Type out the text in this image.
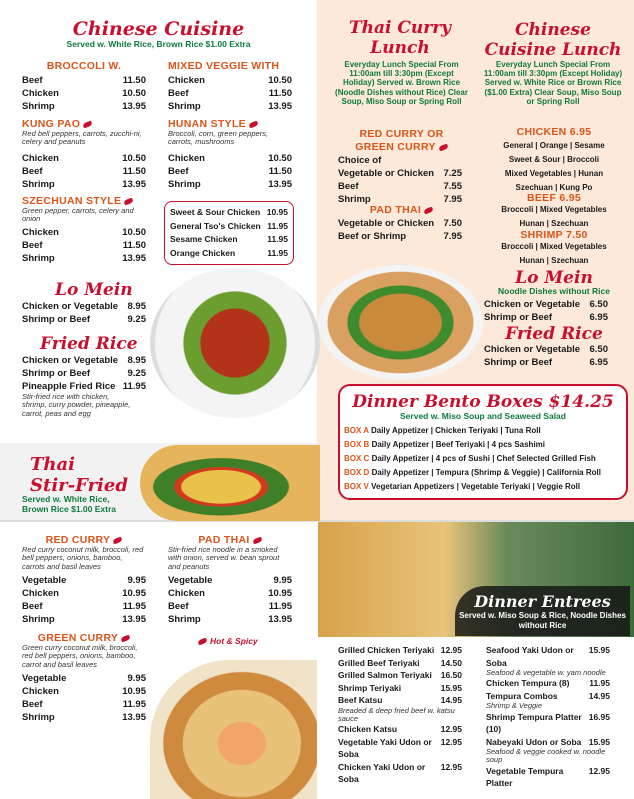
Chinese Cuisine
Served w. White Rice, Brown Rice $1.00 Extra
BROCCOLI W.
Beef	11.50
Chicken	10.50
Shrimp	13.95
MIXED VEGGIE WITH
Chicken	10.50
Beef	11.50
Shrimp	13.95
KUNG PAO
Red bell peppers, carrots, zucchi-ni, celery and peanuts
Chicken	10.50
Beef	11.50
Shrimp	13.95
HUNAN STYLE
Broccoli, corn, green peppers, carrots, mushrooms
Chicken	10.50
Beef	11.50
Shrimp	13.95
SZECHUAN STYLE
Green pepper, carrots, celery and onion
Chicken	10.50
Beef	11.50
Shrimp	13.95
Sweet & Sour Chicken 10.95
General Tso's Chicken 11.95
Sesame Chicken	11.95
Orange Chicken	11.95
Lo Mein
Chicken or Vegetable 8.95
Shrimp or Beef	9.25
Fried Rice
Chicken or Vegetable 8.95
Shrimp or Beef	9.25
Pineapple Fried Rice 11.95
Stir-fried rice with chicken, shrimp, curry powder, pineapple, carrot, peas and egg
Thai Curry
Lunch
Everyday Lunch Special From 11:00am till 3:30pm (Except Holiday) Served w. Brown Rice (Noodle Dishes without Rice) Clear Soup, Miso Soup or Spring Roll
RED CURRY OR
GREEN CURRY
Choice of
Vegetable or Chicken 7.25
Beef	7.55
Shrimp	7.95
PAD THAI
Vegetable or Chicken 7.50
Beef or Shrimp	7.95
Chinese
Cuisine Lunch
Everyday Lunch Special From 11:00am till 3:30pm (Except Holiday) Served w. White Rice or Brown Rice ($1.00 Extra) Clear Soup, Miso Soup or Spring Roll
CHICKEN 6.95
General | Orange | Sesame
Sweet & Sour | Broccoli
Mixed Vegetables | Hunan
Szechuan | Kung Po
BEEF 6.95
Broccoli | Mixed Vegetables
Hunan | Szechuan
SHRIMP 7.50
Broccoli | Mixed Vegetables
Hunan | Szechuan
Lo Mein
Noodle Dishes without Rice
Chicken or Vegetable 6.50
Shrimp or Beef	6.95
Fried Rice
Chicken or Vegetable 6.50
Shrimp or Beef	6.95
Dinner Bento Boxes $14.25
Served w. Miso Soup and Seaweed Salad
BOX A Daily Appetizer | Chicken Teriyaki | Tuna Roll
BOX B Daily Appetizer | Beef Teriyaki | 4 pcs Sashimi
BOX C Daily Appetizer | 4 pcs of Sushi | Chef Selected Grilled Fish
BOX D Daily Appetizer | Tempura (Shrimp & Veggie) | California Roll
BOX V Vegetarian Appetizers | Vegetable Teriyaki | Veggie Roll
Thai
Stir-Fried
Served w. White Rice, Brown Rice $1.00 Extra
RED CURRY
Red curry coconut milk, broccoli, red bell peppers, onions, bamboo, carrots and basil leaves
Vegetable	9.95
Chicken	10.95
Beef	11.95
Shrimp	13.95
PAD THAI
Stir-fried rice noodle in a smoked with onion, served w. bean sprout and peanuts
Vegetable	9.95
Chicken	10.95
Beef	11.95
Shrimp	13.95
GREEN CURRY
Green curry coconut milk, broccoli, red bell peppers, onions, bamboo, carrot and basil leaves
Vegetable	9.95
Chicken	10.95
Beef	11.95
Shrimp	13.95
Hot & Spicy
Dinner Entrees
Served w. Miso Soup & Rice, Noodle Dishes without Rice
Grilled Chicken Teriyaki 12.95
Grilled Beef Teriyaki 14.50
Grilled Salmon Teriyaki 16.50
Shrimp Teriyaki	15.95
Beef Katsu	14.95
Breaded & deep fried beef w. katsu sauce
Chicken Katsu	12.95
Vegetable Yaki Udon or Soba
12.95
Chicken Yaki Udon or Soba
12.95
Seafood Yaki Udon or Soba
15.95
Seafood & vegetable w. yam noodle
Chicken Tempura (8) 11.95
Tempura Combos	14.95
Shrimp & Veggie
Shrimp Tempura Platter (10)
16.95
Nabeyaki Udon or Soba 15.95
Seafood & veggie cooked w. noodle soup
Vegetable Tempura Platter
12.95
